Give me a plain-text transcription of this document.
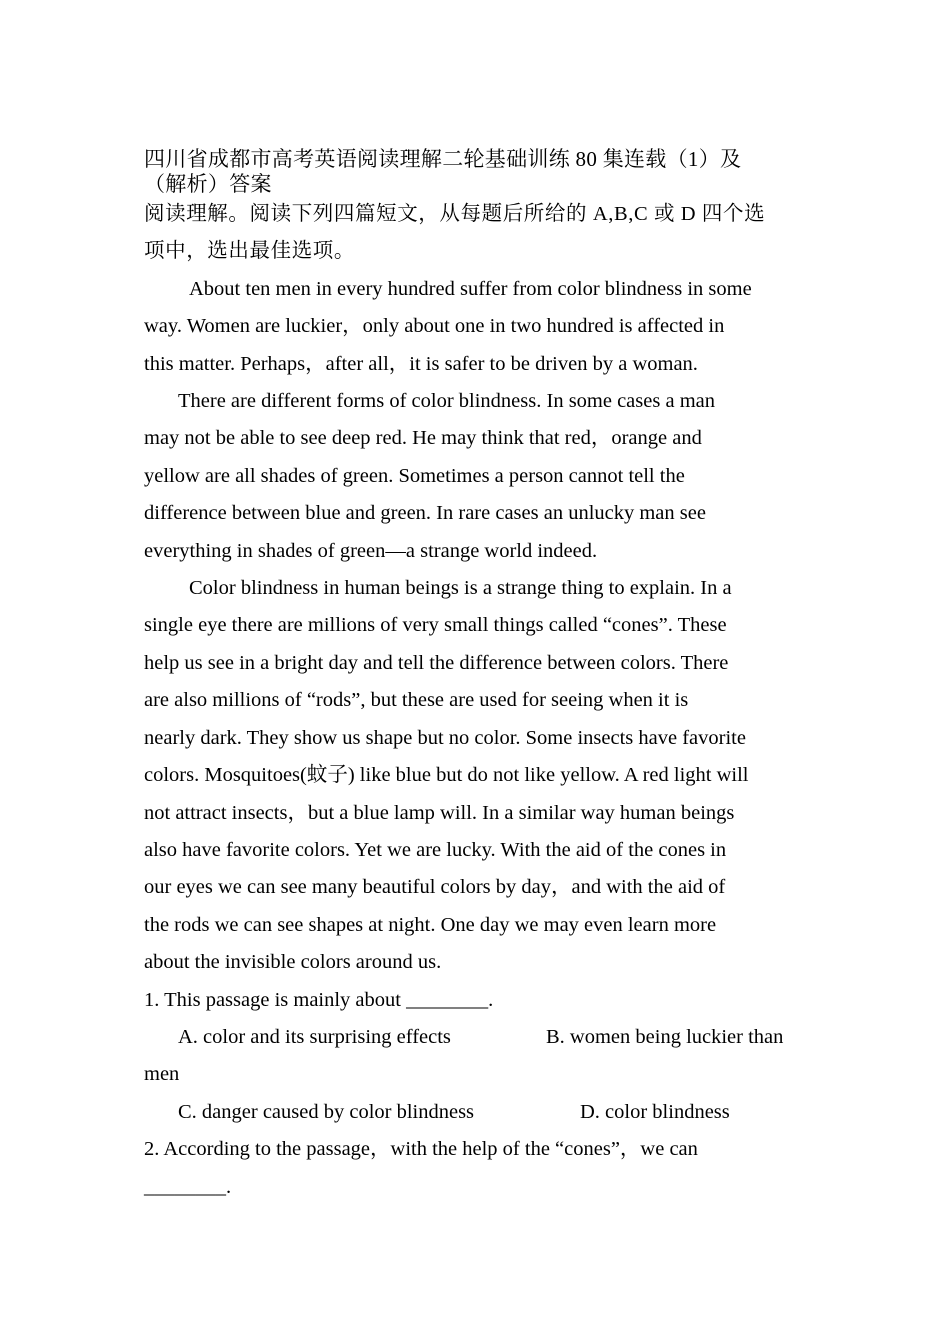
四川省成都市高考英语阅读理解二轮基础训练 80 集连载（1）及
（解析）答案

阅读理解。阅读下列四篇短文，从每题后所给的 A,B,C 或 D 四个选

项中，选出最佳选项。

About ten men in every hundred suffer from color blindness in some

way. Women are luckier，only about one in two hundred is affected in

this matter. Perhaps，after all，it is safer to be driven by a woman.

There are different forms of color blindness. In some cases a man

may not be able to see deep red. He may think that red，orange and

yellow are all shades of green. Sometimes a person cannot tell the

difference between blue and green. In rare cases an unlucky man see

everything in shades of green—a strange world indeed.

Color blindness in human beings is a strange thing to explain. In a

single eye there are millions of very small things called “cones”. These

help us see in a bright day and tell the difference between colors. There

are also millions of “rods”, but these are used for seeing when it is

nearly dark. They show us shape but no color. Some insects have favorite

colors. Mosquitoes(蚊子) like blue but do not like yellow. A red light will

not attract insects，but a blue lamp will. In a similar way human beings

also have favorite colors. Yet we are lucky. With the aid of the cones in

our eyes we can see many beautiful colors by day，and with the aid of

the rods we can see shapes at night. One day we may even learn more

about the invisible colors around us.

1. This passage is mainly about ________.

A. color and its surprising effects	B. women being luckier than

men

C. danger caused by color blindness	D. color blindness

2. According to the passage，with the help of the “cones”，we can

________.
